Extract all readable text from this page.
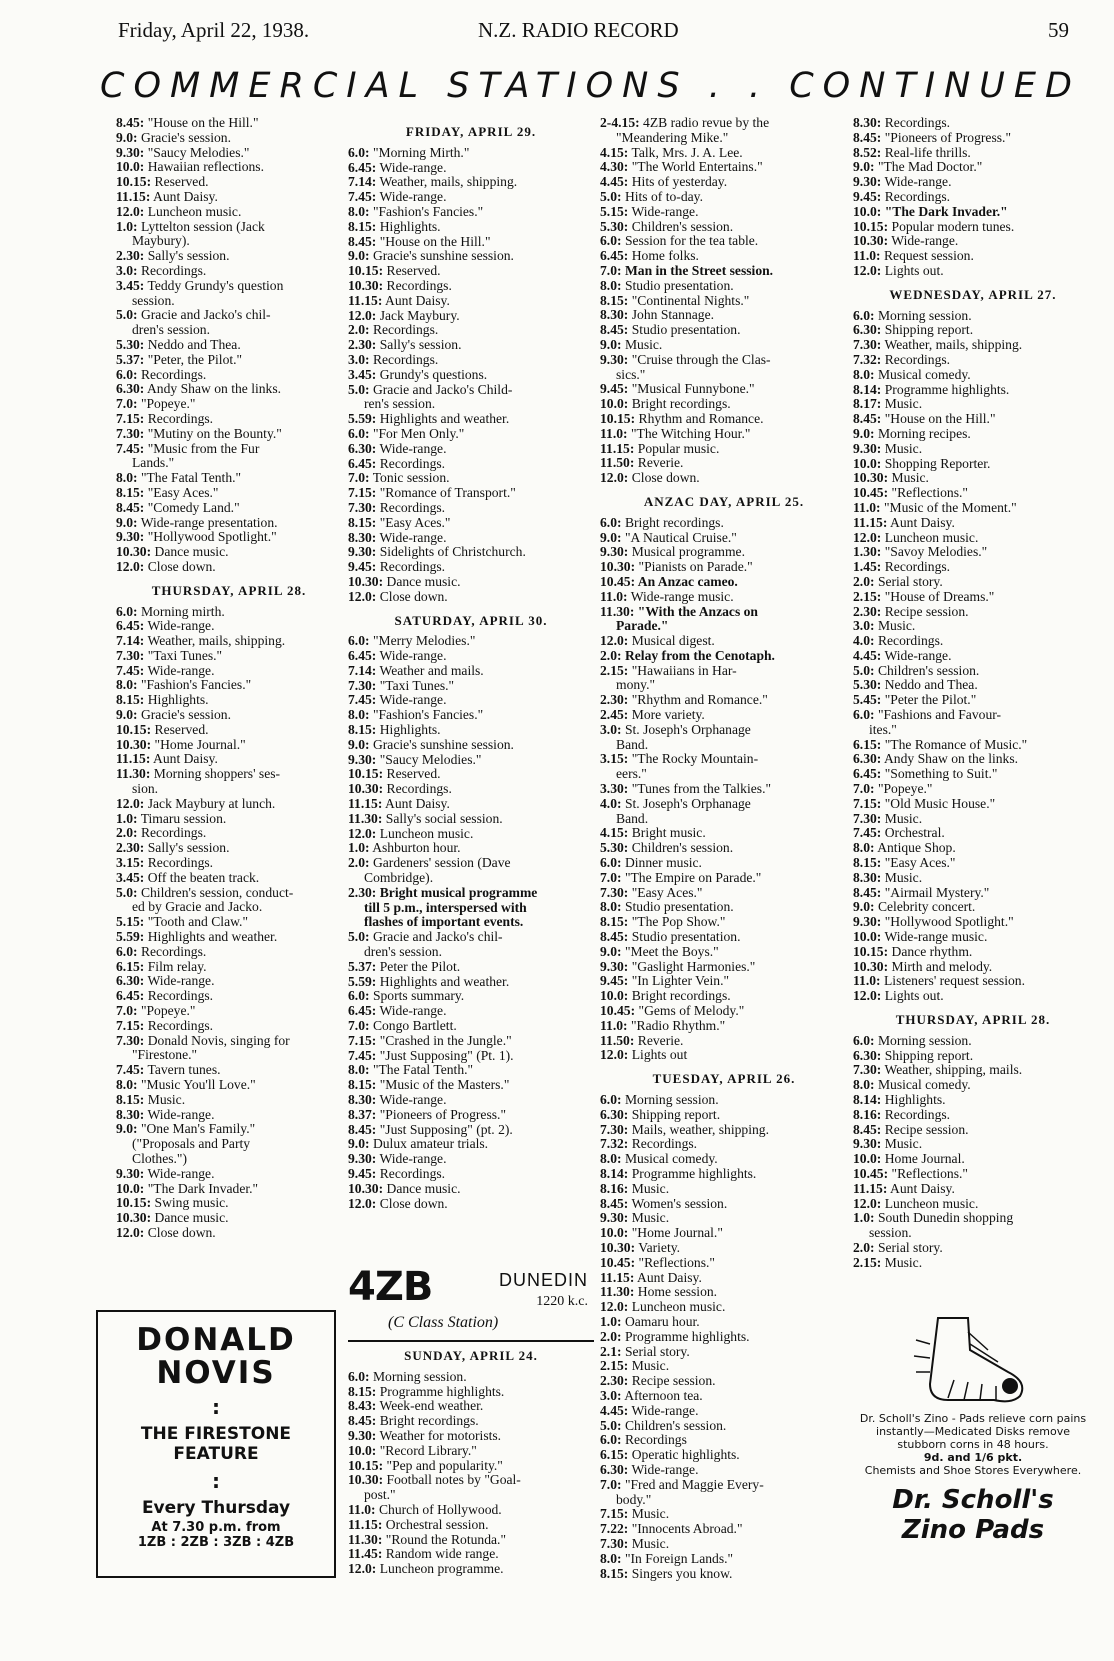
Friday, April 22, 1938.	N.Z. RADIO RECORD	59
COMMERCIAL STATIONS . . CONTINUED
8.45: "House on the Hill."
9.0: Gracie's session.
9.30: "Saucy Melodies."
10.0: Hawaiian reflections.
10.15: Reserved.
11.15: Aunt Daisy.
12.0: Luncheon music.
1.0: Lyttelton session (Jack
Maybury).
2.30: Sally's session.
3.0: Recordings.
3.45: Teddy Grundy's question
session.
5.0: Gracie and Jacko's chil-
dren's session.
5.30: Neddo and Thea.
5.37: "Peter, the Pilot."
6.0: Recordings.
6.30: Andy Shaw on the links.
7.0: "Popeye."
7.15: Recordings.
7.30: "Mutiny on the Bounty."
7.45: "Music from the Fur
Lands."
8.0: "The Fatal Tenth."
8.15: "Easy Aces."
8.45: "Comedy Land."
9.0: Wide-range presentation.
9.30: "Hollywood Spotlight."
10.30: Dance music.
12.0: Close down.
THURSDAY, APRIL 28.
6.0: Morning mirth.
6.45: Wide-range.
7.14: Weather, mails, shipping.
7.30: "Taxi Tunes."
7.45: Wide-range.
8.0: "Fashion's Fancies."
8.15: Highlights.
9.0: Gracie's session.
10.15: Reserved.
10.30: "Home Journal."
11.15: Aunt Daisy.
11.30: Morning shoppers' ses-
sion.
12.0: Jack Maybury at lunch.
1.0: Timaru session.
2.0: Recordings.
2.30: Sally's session.
3.15: Recordings.
3.45: Off the beaten track.
5.0: Children's session, conduct-
ed by Gracie and Jacko.
5.15: "Tooth and Claw."
5.59: Highlights and weather.
6.0: Recordings.
6.15: Film relay.
6.30: Wide-range.
6.45: Recordings.
7.0: "Popeye."
7.15: Recordings.
7.30: Donald Novis, singing for
"Firestone."
7.45: Tavern tunes.
8.0: "Music You'll Love."
8.15: Music.
8.30: Wide-range.
9.0: "One Man's Family."
("Proposals and Party
Clothes.")
9.30: Wide-range.
10.0: "The Dark Invader."
10.15: Swing music.
10.30: Dance music.
12.0: Close down.
FRIDAY, APRIL 29.
6.0: "Morning Mirth."
6.45: Wide-range.
7.14: Weather, mails, shipping.
7.45: Wide-range.
8.0: "Fashion's Fancies."
8.15: Highlights.
8.45: "House on the Hill."
9.0: Gracie's sunshine session.
10.15: Reserved.
10.30: Recordings.
11.15: Aunt Daisy.
12.0: Jack Maybury.
2.0: Recordings.
2.30: Sally's session.
3.0: Recordings.
3.45: Grundy's questions.
5.0: Gracie and Jacko's Child-
ren's session.
5.59: Highlights and weather.
6.0: "For Men Only."
6.30: Wide-range.
6.45: Recordings.
7.0: Tonic session.
7.15: "Romance of Transport."
7.30: Recordings.
8.15: "Easy Aces."
8.30: Wide-range.
9.30: Sidelights of Christchurch.
9.45: Recordings.
10.30: Dance music.
12.0: Close down.
SATURDAY, APRIL 30.
6.0: "Merry Melodies."
6.45: Wide-range.
7.14: Weather and mails.
7.30: "Taxi Tunes."
7.45: Wide-range.
8.0: "Fashion's Fancies."
8.15: Highlights.
9.0: Gracie's sunshine session.
9.30: "Saucy Melodies."
10.15: Reserved.
10.30: Recordings.
11.15: Aunt Daisy.
11.30: Sally's social session.
12.0: Luncheon music.
1.0: Ashburton hour.
2.0: Gardeners' session (Dave
Combridge).
2.30: Bright musical programme
till 5 p.m., interspersed with
flashes of important events.
5.0: Gracie and Jacko's chil-
dren's session.
5.37: Peter the Pilot.
5.59: Highlights and weather.
6.0: Sports summary.
6.45: Wide-range.
7.0: Congo Bartlett.
7.15: "Crashed in the Jungle."
7.45: "Just Supposing" (Pt. 1).
8.0: "The Fatal Tenth."
8.15: "Music of the Masters."
8.30: Wide-range.
8.37: "Pioneers of Progress."
8.45: "Just Supposing" (pt. 2).
9.0: Dulux amateur trials.
9.30: Wide-range.
9.45: Recordings.
10.30: Dance music.
12.0: Close down.
2-4.15: 4ZB radio revue by the
"Meandering Mike."
4.15: Talk, Mrs. J. A. Lee.
4.30: "The World Entertains."
4.45: Hits of yesterday.
5.0: Hits of to-day.
5.15: Wide-range.
5.30: Children's session.
6.0: Session for the tea table.
6.45: Home folks.
7.0: Man in the Street session.
8.0: Studio presentation.
8.15: "Continental Nights."
8.30: John Stannage.
8.45: Studio presentation.
9.0: Music.
9.30: "Cruise through the Clas-
sics."
9.45: "Musical Funnybone."
10.0: Bright recordings.
10.15: Rhythm and Romance.
11.0: "The Witching Hour."
11.15: Popular music.
11.50: Reverie.
12.0: Close down.
ANZAC DAY, APRIL 25.
6.0: Bright recordings.
9.0: "A Nautical Cruise."
9.30: Musical programme.
10.30: "Pianists on Parade."
10.45: An Anzac cameo.
11.0: Wide-range music.
11.30: "With the Anzacs on
Parade."
12.0: Musical digest.
2.0: Relay from the Cenotaph.
2.15: "Hawaiians in Har-
mony."
2.30: "Rhythm and Romance."
2.45: More variety.
3.0: St. Joseph's Orphanage
Band.
3.15: "The Rocky Mountain-
eers."
3.30: "Tunes from the Talkies."
4.0: St. Joseph's Orphanage
Band.
4.15: Bright music.
5.30: Children's session.
6.0: Dinner music.
7.0: "The Empire on Parade."
7.30: "Easy Aces."
8.0: Studio presentation.
8.15: "The Pop Show."
8.45: Studio presentation.
9.0: "Meet the Boys."
9.30: "Gaslight Harmonies."
9.45: "In Lighter Vein."
10.0: Bright recordings.
10.45: "Gems of Melody."
11.0: "Radio Rhythm."
11.50: Reverie.
12.0: Lights out
TUESDAY, APRIL 26.
6.0: Morning session.
6.30: Shipping report.
7.30: Mails, weather, shipping.
7.32: Recordings.
8.0: Musical comedy.
8.14: Programme highlights.
8.16: Music.
8.45: Women's session.
9.30: Music.
10.0: "Home Journal."
10.30: Variety.
10.45: "Reflections."
11.15: Aunt Daisy.
11.30: Home session.
12.0: Luncheon music.
1.0: Oamaru hour.
2.0: Programme highlights.
2.1: Serial story.
2.15: Music.
2.30: Recipe session.
3.0: Afternoon tea.
4.45: Wide-range.
5.0: Children's session.
6.0: Recordings
6.15: Operatic highlights.
6.30: Wide-range.
7.0: "Fred and Maggie Every-
body."
7.15: Music.
7.22: "Innocents Abroad."
7.30: Music.
8.0: "In Foreign Lands."
8.15: Singers you know.
8.30: Recordings.
8.45: "Pioneers of Progress."
8.52: Real-life thrills.
9.0: "The Mad Doctor."
9.30: Wide-range.
9.45: Recordings.
10.0: "The Dark Invader."
10.15: Popular modern tunes.
10.30: Wide-range.
11.0: Request session.
12.0: Lights out.
WEDNESDAY, APRIL 27.
6.0: Morning session.
6.30: Shipping report.
7.30: Weather, mails, shipping.
7.32: Recordings.
8.0: Musical comedy.
8.14: Programme highlights.
8.17: Music.
8.45: "House on the Hill."
9.0: Morning recipes.
9.30: Music.
10.0: Shopping Reporter.
10.30: Music.
10.45: "Reflections."
11.0: "Music of the Moment."
11.15: Aunt Daisy.
12.0: Luncheon music.
1.30: "Savoy Melodies."
1.45: Recordings.
2.0: Serial story.
2.15: "House of Dreams."
2.30: Recipe session.
3.0: Music.
4.0: Recordings.
4.45: Wide-range.
5.0: Children's session.
5.30: Neddo and Thea.
5.45: "Peter the Pilot."
6.0: "Fashions and Favour-
ites."
6.15: "The Romance of Music."
6.30: Andy Shaw on the links.
6.45: "Something to Suit."
7.0: "Popeye."
7.15: "Old Music House."
7.30: Music.
7.45: Orchestral.
8.0: Antique Shop.
8.15: "Easy Aces."
8.30: Music.
8.45: "Airmail Mystery."
9.0: Celebrity concert.
9.30: "Hollywood Spotlight."
10.0: Wide-range music.
10.15: Dance rhythm.
10.30: Mirth and melody.
11.0: Listeners' request session.
12.0: Lights out.
THURSDAY, APRIL 28.
6.0: Morning session.
6.30: Shipping report.
7.30: Weather, shipping, mails.
8.0: Musical comedy.
8.14: Highlights.
8.16: Recordings.
8.45: Recipe session.
9.30: Music.
10.0: Home Journal.
10.45: "Reflections."
11.15: Aunt Daisy.
12.0: Luncheon music.
1.0: South Dunedin shopping
session.
2.0: Serial story.
2.15: Music.
4ZB	DUNEDIN
1220 k.c.
(C Class Station)
SUNDAY, APRIL 24.
6.0: Morning session.
8.15: Programme highlights.
8.43: Week-end weather.
8.45: Bright recordings.
9.30: Weather for motorists.
10.0: "Record Library."
10.15: "Pep and popularity."
10.30: Football notes by "Goal-
post."
11.0: Church of Hollywood.
11.15: Orchestral session.
11.30: "Round the Rotunda."
11.45: Random wide range.
12.0: Luncheon programme.
DONALD
NOVIS
:
THE FIRESTONE
FEATURE
:
Every Thursday
At 7.30 p.m. from
1ZB : 2ZB : 3ZB : 4ZB
Dr. Scholl's Zino - Pads relieve corn pains instantly—Medicated Disks remove stubborn corns in 48 hours.
9d. and 1/6 pkt.
Chemists and Shoe Stores Everywhere.
Dr. Scholl's
Zino Pads
